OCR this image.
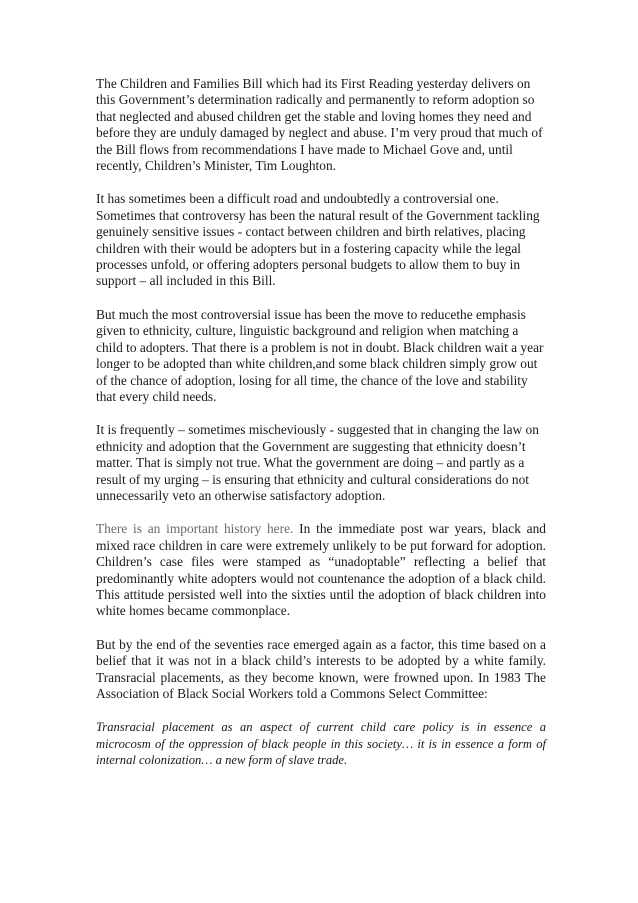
The Children and Families Bill which had its First Reading yesterday delivers on this Government’s determination radically and permanently to reform adoption so that neglected and abused children get the stable and loving homes they need and before they are unduly damaged by neglect and abuse. I’m very proud that much of the Bill flows from recommendations I have made to Michael Gove and, until recently, Children’s Minister, Tim Loughton.

It has sometimes been a difficult road and undoubtedly a controversial one. Sometimes that controversy has been the natural result of the Government tackling genuinely sensitive issues - contact between children and birth relatives, placing children with their would be adopters but in a fostering capacity while the legal processes unfold, or offering adopters personal budgets to allow them to buy in support – all included in this Bill.

But much the most controversial issue has been the move to reducethe emphasis given to ethnicity, culture, linguistic background and religion when matching a child to adopters. That there is a problem is not in doubt. Black children wait a year longer to be adopted than white children,and some black children simply grow out of the chance of adoption, losing for all time, the chance of the love and stability that every child needs.

It is frequently – sometimes mischeviously - suggested that in changing the law on ethnicity and adoption that the Government are suggesting that ethnicity doesn’t matter. That is simply not true. What the government are doing – and partly as a result of my urging – is ensuring that ethnicity and cultural considerations do not unnecessarily veto an otherwise satisfactory adoption.

There is an important history here. In the immediate post war years, black and mixed race children in care were extremely unlikely to be put forward for adoption. Children’s case files were stamped as “unadoptable” reflecting a belief that predominantly white adopters would not countenance the adoption of a black child. This attitude persisted well into the sixties until the adoption of black children into white homes became commonplace.

But by the end of the seventies race emerged again as a factor, this time based on a belief that it was not in a black child’s interests to be adopted by a white family. Transracial placements, as they become known, were frowned upon. In 1983 The Association of Black Social Workers told a Commons Select Committee:

Transracial placement as an aspect of current child care policy is in essence a microcosm of the oppression of black people in this society… it is in essence a form of internal colonization… a new form of slave trade.
